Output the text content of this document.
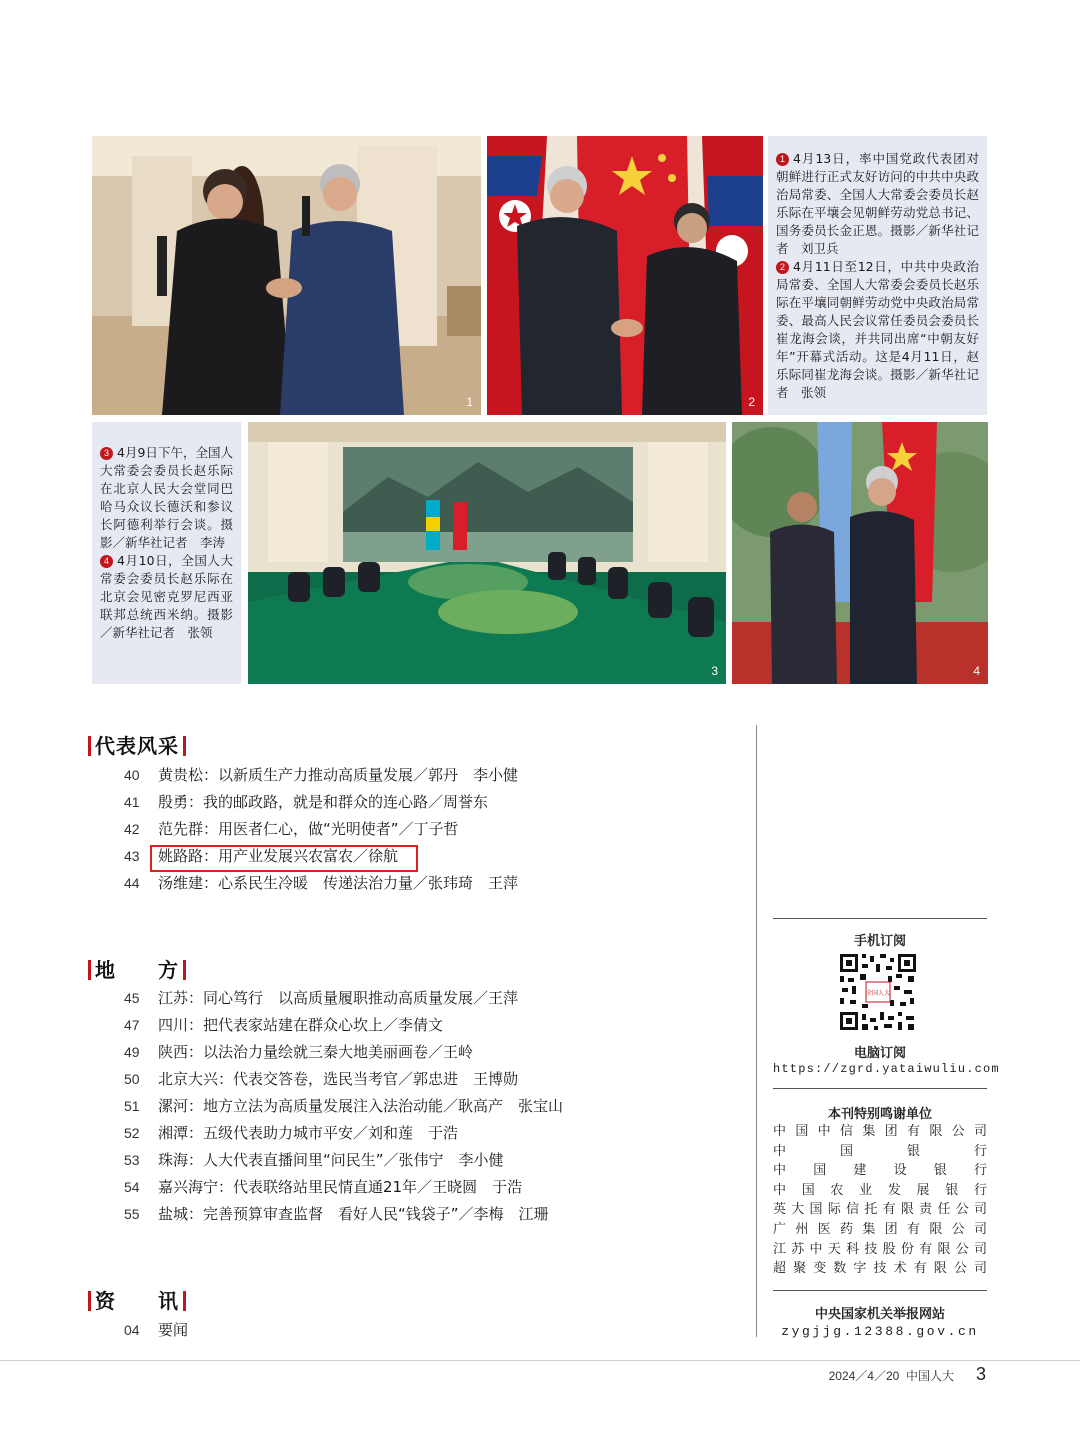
1	2
1 4月13日，率中国党政代表团对朝鲜进行正式友好访问的中共中央政治局常委、全国人大常委会委员长赵乐际在平壤会见朝鲜劳动党总书记、国务委员长金正恩。摄影／新华社记者　刘卫兵
2 4月11日至12日，中共中央政治局常委、全国人大常委会委员长赵乐际在平壤同朝鲜劳动党中央政治局常委、最高人民会议常任委员会委员长崔龙海会谈，并共同出席“中朝友好年”开幕式活动。这是4月11日，赵乐际同崔龙海会谈。摄影／新华社记者　张领
3 4月9日下午，全国人大常委会委员长赵乐际在北京人民大会堂同巴哈马众议长德沃和参议长阿德利举行会谈。摄影／新华社记者　李涛
4 4月10日，全国人大常委会委员长赵乐际在北京会见密克罗尼西亚联邦总统西米纳。摄影／新华社记者　张领
3	4
代表风采
40 黄贵松：以新质生产力推动高质量发展／郭丹　李小健
41 殷勇：我的邮政路，就是和群众的连心路／周誉东
42 范先群：用医者仁心，做“光明使者”／丁子哲
43 姚路路：用产业发展兴农富农／徐航
44 汤维建：心系民生冷暖　传递法治力量／张玮琦　王萍
地　　方
45 江苏：同心笃行　以高质量履职推动高质量发展／王萍
47 四川：把代表家站建在群众心坎上／李倩文
49 陕西：以法治力量绘就三秦大地美丽画卷／王岭
50 北京大兴：代表交答卷，选民当考官／郭忠进　王博勋
51 漯河：地方立法为高质量发展注入法治动能／耿高产　张宝山
52 湘潭：五级代表助力城市平安／刘和莲　于浩
53 珠海：人大代表直播间里“问民生”／张伟宁　李小健
54 嘉兴海宁：代表联络站里民情直通21年／王晓圆　于浩
55 盐城：完善预算审查监督　看好人民“钱袋子”／李梅　江珊
资　　讯
04 要闻
手机订阅
全国人大
电脑订阅
https://zgrd.yataiwuliu.com
本刊特别鸣谢单位
中国中信集团有限公司
中国银行
中国建设银行
中国农业发展银行
英大国际信托有限责任公司
广州医药集团有限公司
江苏中天科技股份有限公司
超聚变数字技术有限公司
中央国家机关举报网站
zygjjg.12388.gov.cn
2024／4／20 中国人大 3
